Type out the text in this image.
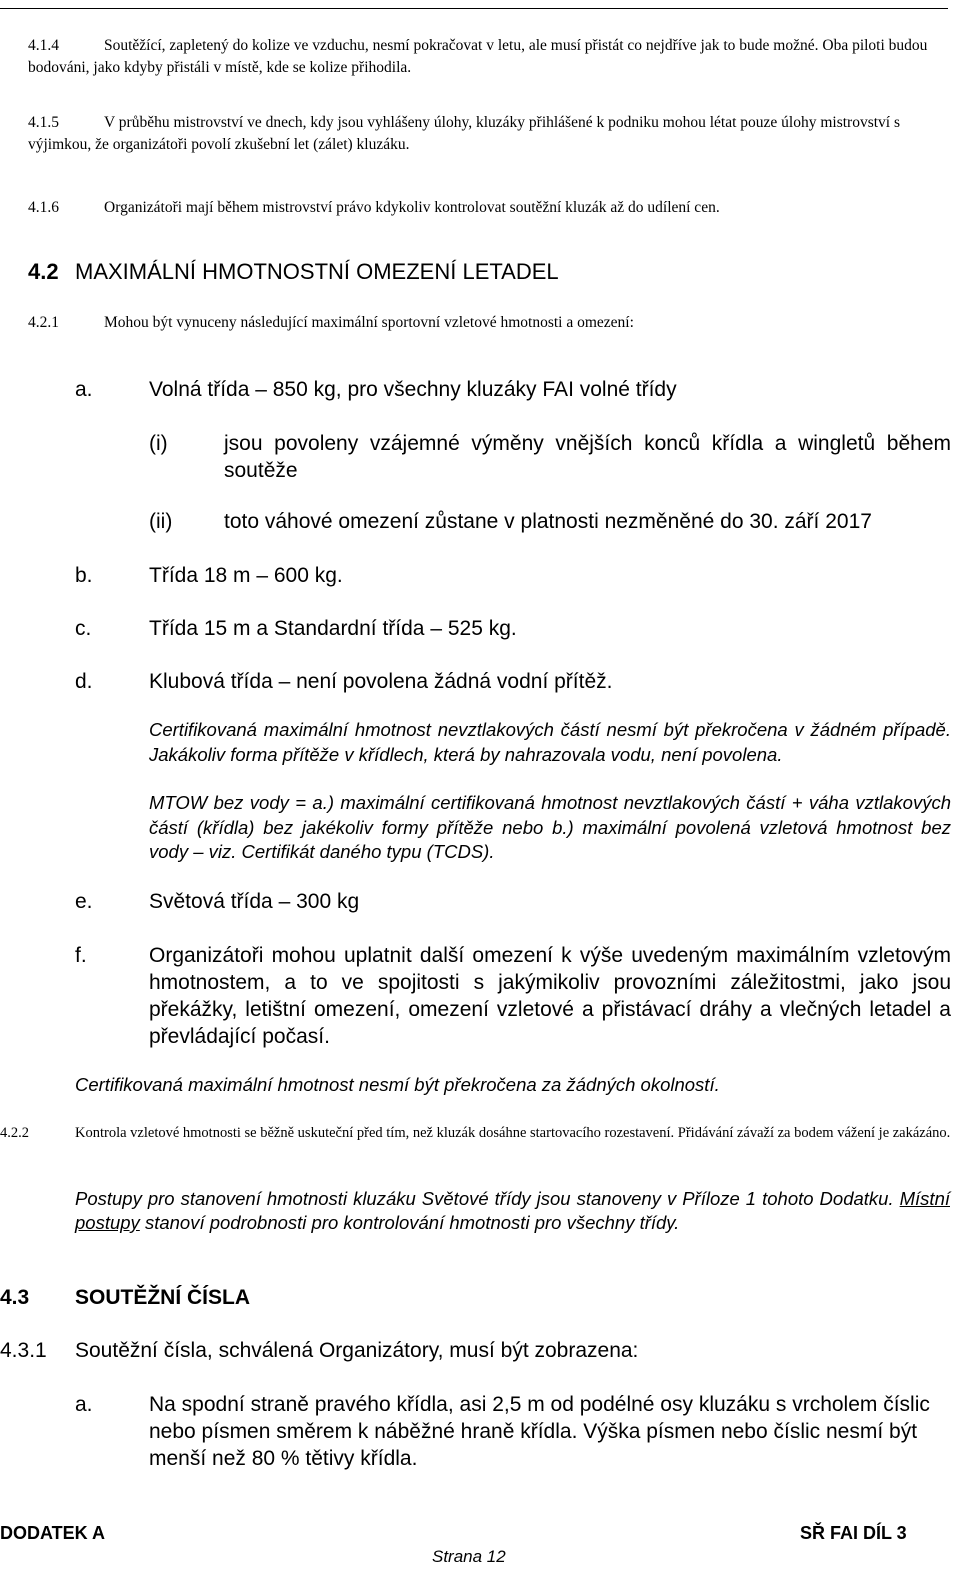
4.1.4	Soutěžící, zapletený do kolize ve vzduchu, nesmí pokračovat v letu, ale musí přistát co nejdříve jak to bude možné. Oba piloti budou bodováni, jako kdyby přistáli v místě, kde se kolize přihodila.
4.1.5	V průběhu mistrovství ve dnech, kdy jsou vyhlášeny úlohy, kluzáky přihlášené k podniku mohou létat pouze úlohy mistrovství s výjimkou, že organizátoři povolí zkušební let (zálet) kluzáku.
4.1.6	Organizátoři mají během mistrovství právo kdykoliv kontrolovat soutěžní kluzák až do udílení cen.
4.2 MAXIMÁLNÍ HMOTNOSTNÍ OMEZENÍ LETADEL
4.2.1	Mohou být vynuceny následující maximální sportovní vzletové hmotnosti a omezení:
a.	Volná třída – 850 kg, pro všechny kluzáky FAI volné třídy
(i)	jsou povoleny vzájemné výměny vnějších konců křídla a wingletů během soutěže
(ii) toto váhové omezení zůstane v platnosti nezměněné do 30. září 2017
b.	Třída 18 m – 600 kg.
c.	Třída 15 m a Standardní třída – 525 kg.
d.	Klubová třída – není povolena žádná vodní přítěž.
Certifikovaná maximální hmotnost nevztlakových částí nesmí být překročena v žádném případě. Jakákoliv forma přítěže v křídlech, která by nahrazovala vodu, není povolena.
MTOW bez vody = a.) maximální certifikovaná hmotnost nevztlakových částí + váha vztlakových částí (křídla) bez jakékoliv formy přítěže nebo b.) maximální povolená vzletová hmotnost bez vody – viz. Certifikát daného typu (TCDS).
e.	Světová třída – 300 kg
f.	Organizátoři mohou uplatnit další omezení k výše uvedeným maximálním vzletovým hmotnostem, a to ve spojitosti s jakýmikoliv provozními záležitostmi, jako jsou překážky, letištní omezení, omezení vzletové a přistávací dráhy a vlečných letadel a převládající počasí.
Certifikovaná maximální hmotnost nesmí být překročena za žádných okolností.
4.2.2	Kontrola vzletové hmotnosti se běžně uskuteční před tím, než kluzák dosáhne startovacího rozestavení. Přidávání závaží za bodem vážení je zakázáno.
Postupy pro stanovení hmotnosti kluzáku Světové třídy jsou stanoveny v Příloze 1 tohoto Dodatku. Místní postupy stanoví podrobnosti pro kontrolování hmotnosti pro všechny třídy.
4.3 SOUTĚŽNÍ ČÍSLA
4.3.1 Soutěžní čísla, schválená Organizátory, musí být zobrazena:
a.	Na spodní straně pravého křídla, asi 2,5 m od podélné osy kluzáku s vrcholem číslic nebo písmen směrem k náběžné hraně křídla. Výška písmen nebo číslic nesmí být menší než 80 % tětivy křídla.
DODATEK A	SŘ FAI DÍL 3
Strana 12
